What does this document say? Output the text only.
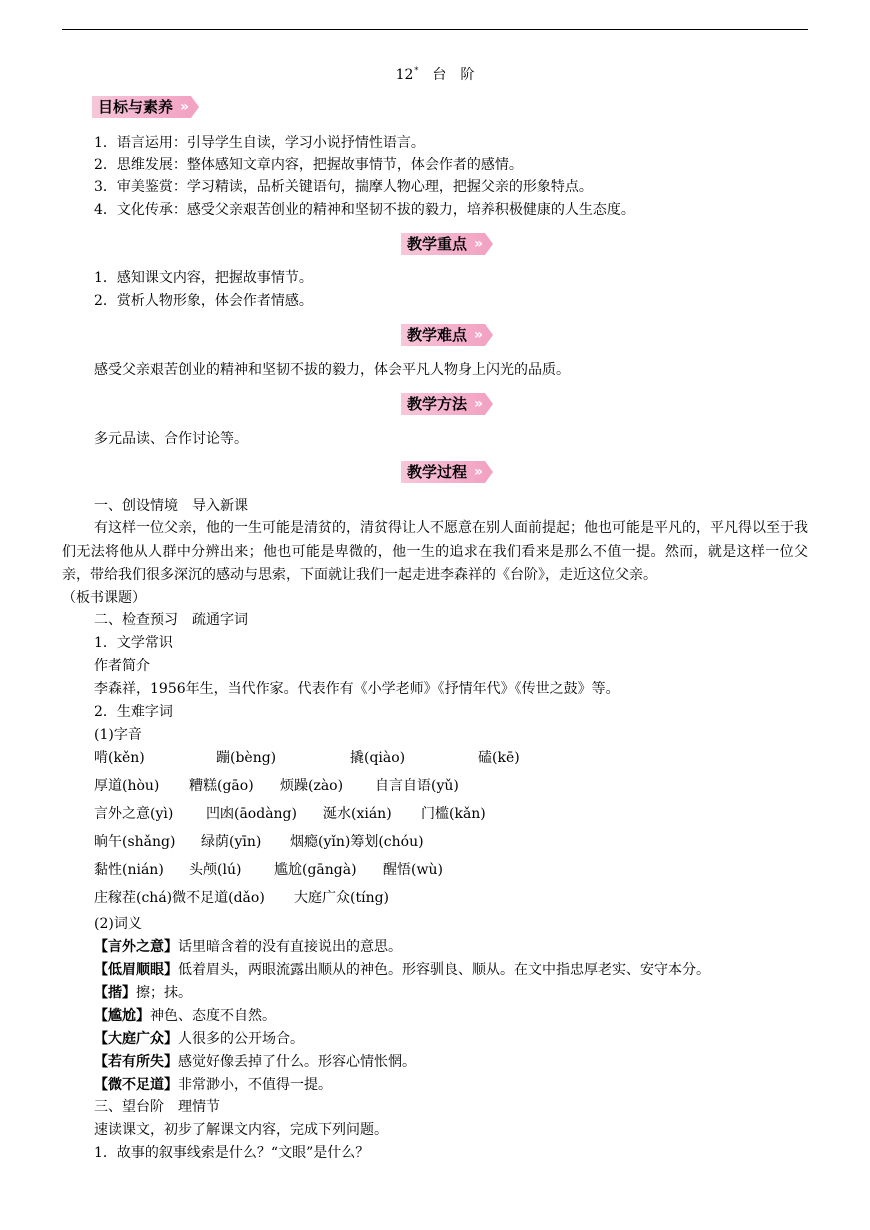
12* 台 阶
目标与素养 »
1．语言运用：引导学生自读，学习小说抒情性语言。
2．思维发展：整体感知文章内容，把握故事情节，体会作者的感情。
3．审美鉴赏：学习精读，品析关键语句，揣摩人物心理，把握父亲的形象特点。
4．文化传承：感受父亲艰苦创业的精神和坚韧不拔的毅力，培养积极健康的人生态度。
教学重点 »
1．感知课文内容，把握故事情节。
2．赏析人物形象，体会作者情感。
教学难点 »
感受父亲艰苦创业的精神和坚韧不拔的毅力，体会平凡人物身上闪光的品质。
教学方法 »
多元品读、合作讨论等。
教学过程 »
一、创设情境　导入新课
有这样一位父亲，他的一生可能是清贫的，清贫得让人不愿意在别人面前提起；他也可能是平凡的，平凡得以至于我们无法将他从人群中分辨出来；他也可能是卑微的，他一生的追求在我们看来是那么不值一提。然而，就是这样一位父亲，带给我们很多深沉的感动与思索，下面就让我们一起走进李森祥的《台阶》，走近这位父亲。
（板书课题）
二、检查预习　疏通字词
1．文学常识
作者简介
李森祥，1956年生，当代作家。代表作有《小学老师》《抒情年代》《传世之鼓》等。
2．生难字词
(1)字音
啃(kěn)	蹦(bèng)	撬(qiào)	磕(kē)
厚道(hòu) 糟糕(gāo) 烦躁(zào) 自言自语(yǔ)
言外之意(yì) 凹凼(āodàng) 涎水(xián) 门槛(kǎn)
晌午(shǎng) 绿荫(yīn) 烟瘾(yǐn)筹划(chóu)
黏性(nián) 头颅(lú) 尴尬(gāngà) 醒悟(wù)
庄稼茬(chá)微不足道(dǎo) 大庭广众(tíng)
(2)词义
【言外之意】话里暗含着的没有直接说出的意思。
【低眉顺眼】低着眉头，两眼流露出顺从的神色。形容驯良、顺从。在文中指忠厚老实、安守本分。
【揩】擦；抹。
【尴尬】神色、态度不自然。
【大庭广众】人很多的公开场合。
【若有所失】感觉好像丢掉了什么。形容心情怅惘。
【微不足道】非常渺小，不值得一提。
三、望台阶　理情节
速读课文，初步了解课文内容，完成下列问题。
1．故事的叙事线索是什么？“文眼”是什么？
